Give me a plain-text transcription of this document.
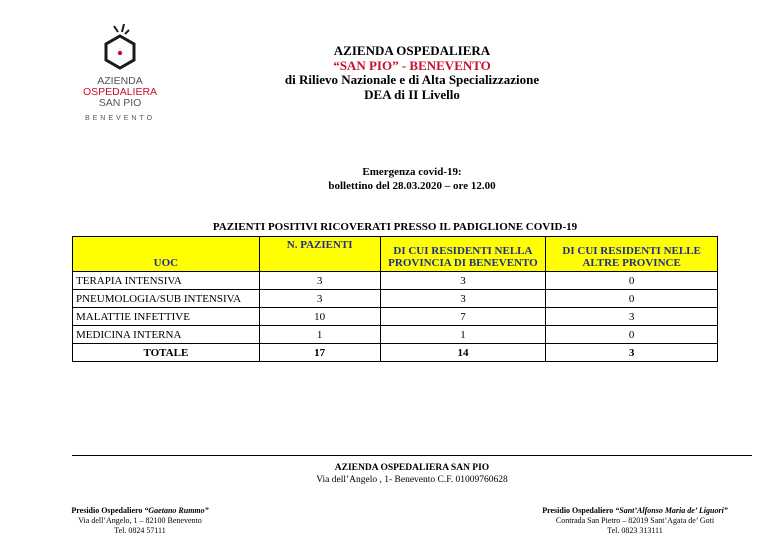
AZIENDA
OSPEDALIERA
SAN PIO
BENEVENTO
AZIENDA OSPEDALIERA
“SAN PIO” - BENEVENTO
di Rilievo Nazionale e di Alta Specializzazione
DEA di II Livello
Emergenza covid-19:
bollettino del 28.03.2020 – ore 12.00
PAZIENTI POSITIVI RICOVERATI PRESSO IL PADIGLIONE COVID-19
UOC	N. PAZIENTI	DI CUI RESIDENTI NELLA PROVINCIA DI BENEVENTO	DI CUI RESIDENTI NELLE ALTRE PROVINCE
TERAPIA INTENSIVA	3	3	0
PNEUMOLOGIA/SUB INTENSIVA	3	3	0
MALATTIE INFETTIVE	10	7	3
MEDICINA INTERNA	1	1	0
TOTALE	17	14	3
AZIENDA OSPEDALIERA SAN PIO
Via dell’Angelo , 1- Benevento C.F. 01009760628
Presidio Ospedaliero “Gaetano Rummo”
Via dell’Angelo, 1 – 82100 Benevento
Tel. 0824 57111
Presidio Ospedaliero “Sant’Alfonso Maria de’ Liguori”
Contrada San Pietro – 82019 Sant’Agata de’ Goti
Tel. 0823 313111
